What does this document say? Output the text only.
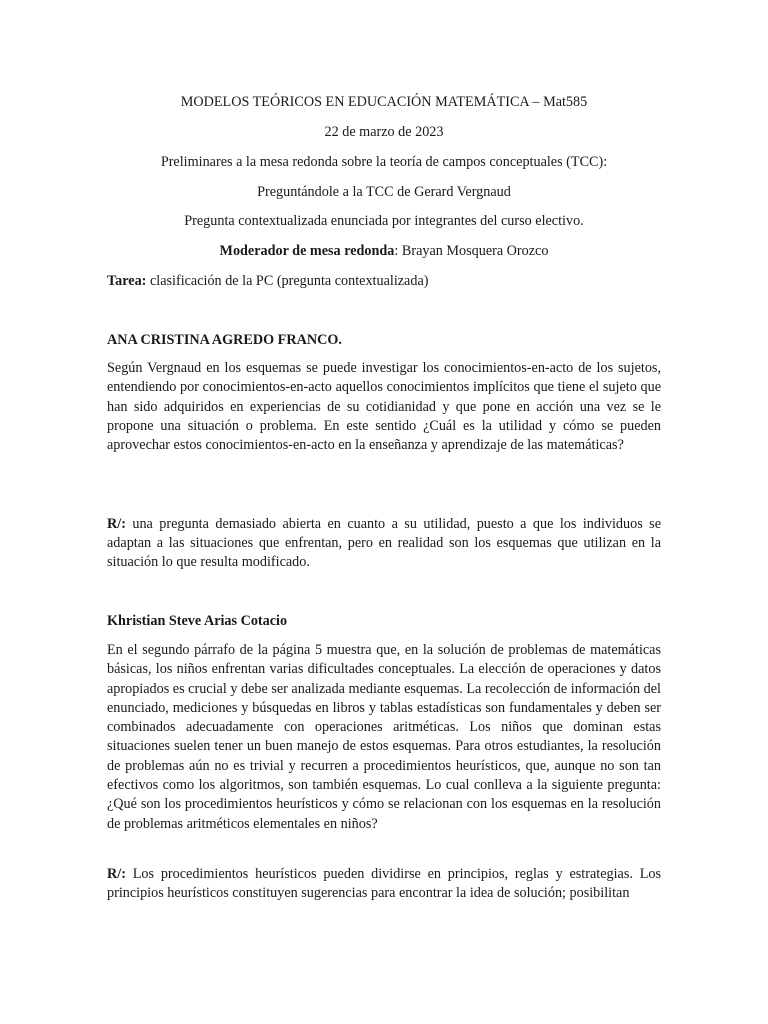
MODELOS TEÓRICOS EN EDUCACIÓN MATEMÁTICA – Mat585
22 de marzo de 2023
Preliminares a la mesa redonda sobre la teoría de campos conceptuales (TCC):
Preguntándole a la TCC de Gerard Vergnaud
Pregunta contextualizada enunciada por integrantes del curso electivo.
Moderador de mesa redonda: Brayan Mosquera Orozco
Tarea: clasificación de la PC (pregunta contextualizada)
ANA CRISTINA AGREDO FRANCO.
Según Vergnaud en los esquemas se puede investigar los conocimientos-en-acto de los sujetos, entendiendo por conocimientos-en-acto aquellos conocimientos implícitos que tiene el sujeto que han sido adquiridos en experiencias de su cotidianidad y que pone en acción una vez se le propone una situación o problema. En este sentido ¿Cuál es la utilidad y cómo se pueden aprovechar estos conocimientos-en-acto en la enseñanza y aprendizaje de las matemáticas?
R/: una pregunta demasiado abierta en cuanto a su utilidad, puesto a que los individuos se adaptan a las situaciones que enfrentan, pero en realidad son los esquemas que utilizan en la situación lo que resulta modificado.
Khristian Steve Arias Cotacio
En el segundo párrafo de la página 5 muestra que, en la solución de problemas de matemáticas básicas, los niños enfrentan varias dificultades conceptuales. La elección de operaciones y datos apropiados es crucial y debe ser analizada mediante esquemas. La recolección de información del enunciado, mediciones y búsquedas en libros y tablas estadísticas son fundamentales y deben ser combinados adecuadamente con operaciones aritméticas. Los niños que dominan estas situaciones suelen tener un buen manejo de estos esquemas. Para otros estudiantes, la resolución de problemas aún no es trivial y recurren a procedimientos heurísticos, que, aunque no son tan efectivos como los algoritmos, son también esquemas. Lo cual conlleva a la siguiente pregunta: ¿Qué son los procedimientos heurísticos y cómo se relacionan con los esquemas en la resolución de problemas aritméticos elementales en niños?
R/: Los procedimientos heurísticos pueden dividirse en principios, reglas y estrategias. Los principios heurísticos constituyen sugerencias para encontrar la idea de solución; posibilitan
